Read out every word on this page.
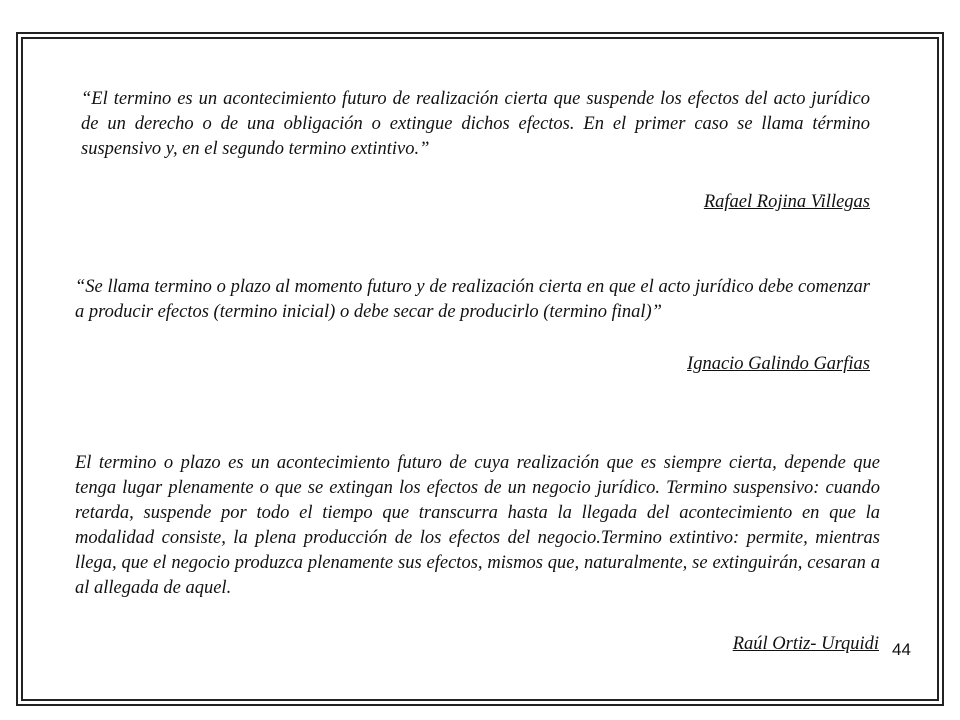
“El termino es un acontecimiento futuro de realización cierta que suspende los efectos del acto jurídico de un derecho o de una obligación o extingue dichos efectos. En el primer caso se llama término suspensivo y, en el segundo termino extintivo.”

Rafael Rojina Villegas

“Se llama termino o plazo al momento futuro y de realización cierta en que el acto jurídico debe comenzar a producir efectos (termino inicial) o debe secar de producirlo (termino final)”

Ignacio Galindo Garfias

El termino o plazo es un acontecimiento futuro de cuya realización que es siempre cierta, depende que tenga lugar plenamente o que se extingan los efectos de un negocio jurídico. Termino suspensivo: cuando retarda, suspende por todo el tiempo que transcurra hasta la llegada del acontecimiento en que la modalidad consiste, la plena producción de los efectos del negocio.Termino extintivo: permite, mientras llega, que el negocio produzca plenamente sus efectos, mismos que, naturalmente, se extinguirán, cesaran a al allegada de aquel.

Raúl Ortiz- Urquidi 44
